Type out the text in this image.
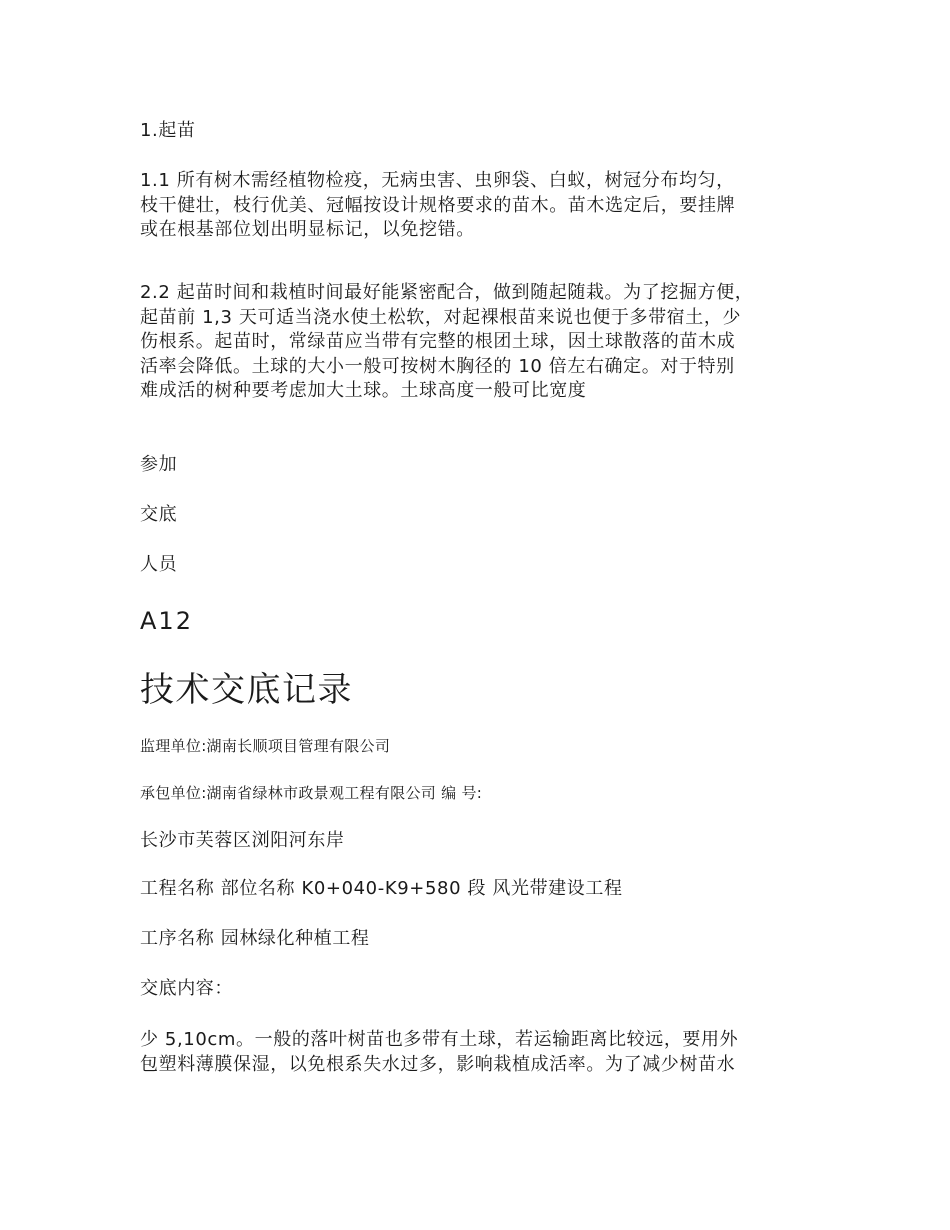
1.起苗

1.1 所有树木需经植物检疫，无病虫害、虫卵袋、白蚁，树冠分布均匀，
枝干健壮，枝行优美、冠幅按设计规格要求的苗木。苗木选定后，要挂牌
或在根基部位划出明显标记，以免挖错。

2.2 起苗时间和栽植时间最好能紧密配合，做到随起随栽。为了挖掘方便，
起苗前 1,3 天可适当浇水使土松软，对起裸根苗来说也便于多带宿土，少
伤根系。起苗时，常绿苗应当带有完整的根团土球，因土球散落的苗木成
活率会降低。土球的大小一般可按树木胸径的 10 倍左右确定。对于特别
难成活的树种要考虑加大土球。土球高度一般可比宽度

参加

交底

人员

A12

技术交底记录

监理单位:湖南长顺项目管理有限公司

承包单位:湖南省绿林市政景观工程有限公司 编 号:

长沙市芙蓉区浏阳河东岸

工程名称 部位名称 K0+040-K9+580 段 风光带建设工程

工序名称 园林绿化种植工程

交底内容：

少 5,10cm。一般的落叶树苗也多带有土球，若运输距离比较远，要用外
包塑料薄膜保湿，以免根系失水过多，影响栽植成活率。为了减少树苗水
